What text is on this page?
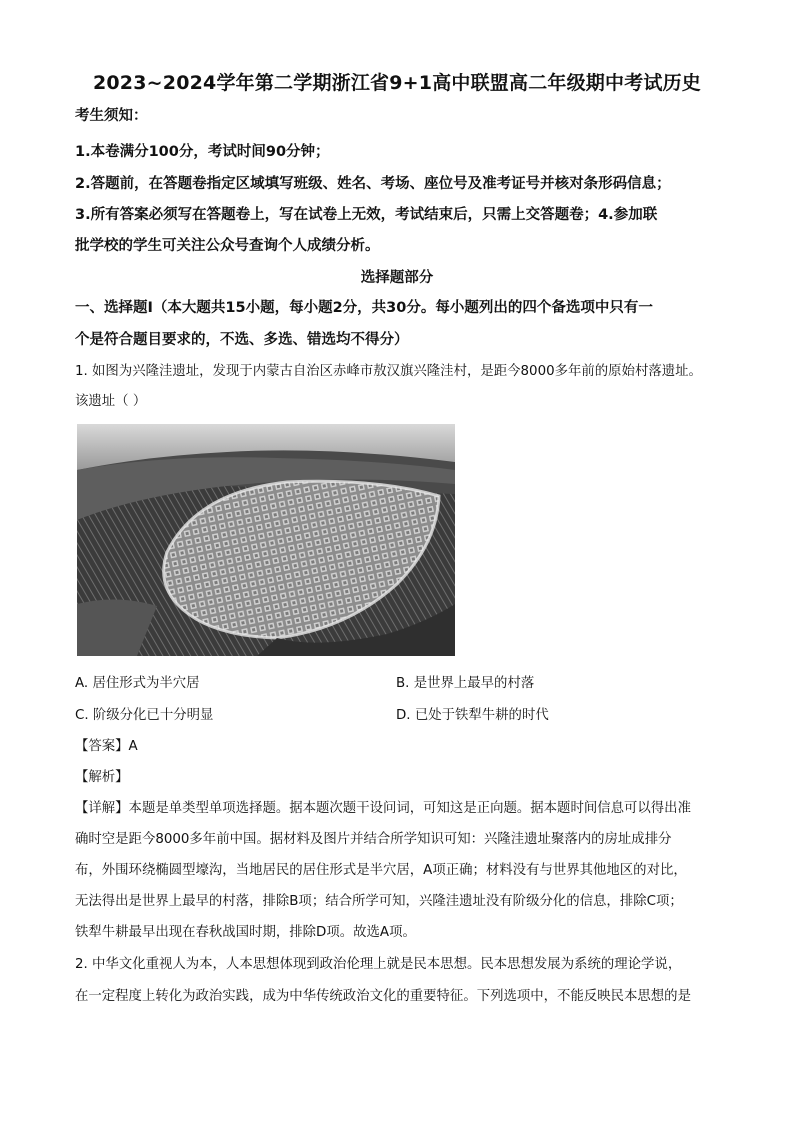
2023~2024学年第二学期浙江省9+1高中联盟高二年级期中考试历史
考生须知：
1.本卷满分100分，考试时间90分钟；
2.答题前，在答题卷指定区域填写班级、姓名、考场、座位号及准考证号并核对条形码信息；
3.所有答案必须写在答题卷上，写在试卷上无效，考试结束后，只需上交答题卷；4.参加联
批学校的学生可关注公众号查询个人成绩分析。
选择题部分
一、选择题Ⅰ（本大题共15小题，每小题2分，共30分。每小题列出的四个备选项中只有一
个是符合题目要求的，不选、多选、错选均不得分）
1. 如图为兴隆洼遗址，发现于内蒙古自治区赤峰市敖汉旗兴隆洼村，是距今8000多年前的原始村落遗址。
该遗址（ ）
A. 居住形式为半穴居	B. 是世界上最早的村落
C. 阶级分化已十分明显	D. 已处于铁犁牛耕的时代
【答案】A
【解析】
【详解】本题是单类型单项选择题。据本题次题干设问词，可知这是正向题。据本题时间信息可以得出准
确时空是距今8000多年前中国。据材料及图片并结合所学知识可知：兴隆洼遗址聚落内的房址成排分
布，外围环绕椭圆型壕沟，当地居民的居住形式是半穴居，A项正确；材料没有与世界其他地区的对比，
无法得出是世界上最早的村落，排除B项；结合所学可知，兴隆洼遗址没有阶级分化的信息，排除C项；
铁犁牛耕最早出现在春秋战国时期，排除D项。故选A项。
2. 中华文化重视人为本，人本思想体现到政治伦理上就是民本思想。民本思想发展为系统的理论学说，
在一定程度上转化为政治实践，成为中华传统政治文化的重要特征。下列选项中，不能反映民本思想的是
